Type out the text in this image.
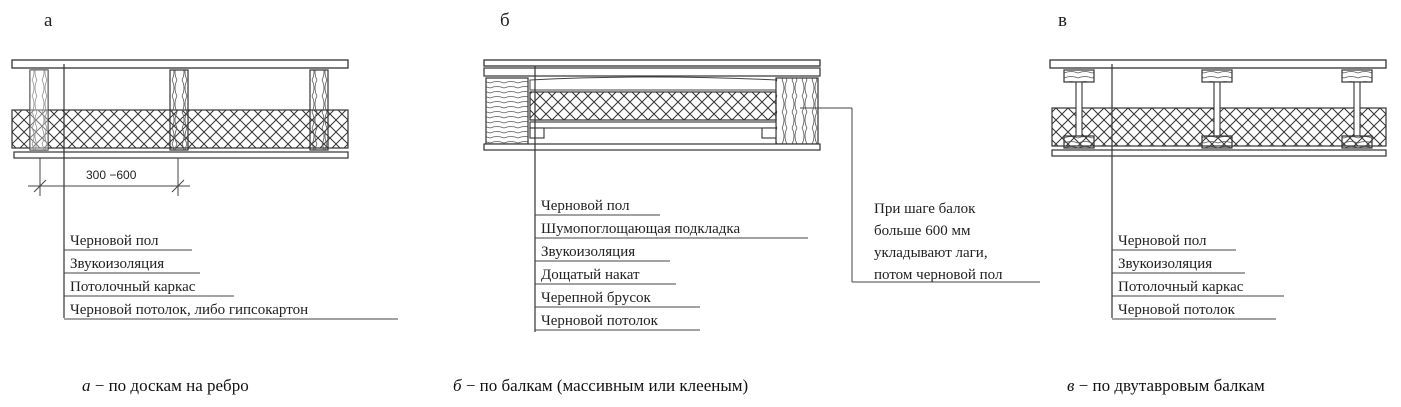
а	б	в
300 −600
Черновой пол
Звукоизоляция
Потолочный каркас
Черновой потолок, либо гипсокартон
Черновой пол
Шумопоглощающая подкладка
Звукоизоляция
Дощатый накат
Черепной брусок
Черновой потолок
При шаге балок
больше 600 мм
укладывают лаги,
потом черновой пол
Черновой пол
Звукоизоляция
Потолочный каркас
Черновой потолок
а − по доскам на ребро	б − по балкам (массивным или клееным)	в − по двутавровым балкам
